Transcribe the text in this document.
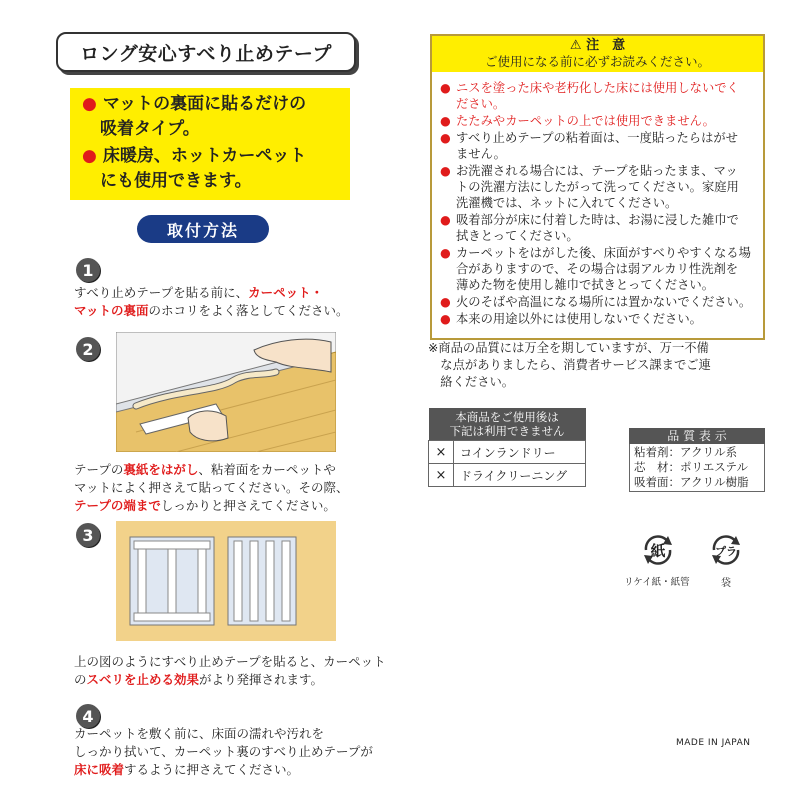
ロング安心すべり止めテープ
● マットの裏面に貼るだけの
吸着タイプ。
● 床暖房、ホットカーペット
にも使用できます。
取付方法
1
すべり止めテープを貼る前に、カーペット・
マットの裏面のホコリをよく落としてください。
2
テープの裏紙をはがし、粘着面をカーペットや
マットによく押さえて貼ってください。その際、
テープの端までしっかりと押さえてください。
3
上の図のようにすべり止めテープを貼ると、カーペット
のスベリを止める効果がより発揮されます。
4
カーペットを敷く前に、床面の濡れや汚れを
しっかり拭いて、カーペット裏のすべり止めテープが
床に吸着するように押さえてください。
⚠ 注　意
ご使用になる前に必ずお読みください。
● ニスを塗った床や老朽化した床には使用しないでく
ださい。
● たたみやカーペットの上では使用できません。
● すべり止めテープの粘着面は、一度貼ったらはがせ
ません。
● お洗濯される場合には、テープを貼ったまま、マッ
トの洗濯方法にしたがって洗ってください。家庭用
洗濯機では、ネットに入れてください。
● 吸着部分が床に付着した時は、お湯に浸した雑巾で
拭きとってください。
● カーペットをはがした後、床面がすべりやすくなる場
合がありますので、その場合は弱アルカリ性洗剤を
薄めた物を使用し雑巾で拭きとってください。
● 火のそばや高温になる場所には置かないでください。
● 本来の用途以外には使用しないでください。
※商品の品質には万全を期していますが、万一不備
　な点がありましたら、消費者サービス課までご連
　絡ください。
本商品をご使用後は
下記は利用できません	

×	コインランドリー
×	ドライクリーニング
品 質 表 示
粘着剤：アクリル系
芯　材：ポリエステル
吸着面：アクリル樹脂
紙
リケイ紙・紙管
プラ
袋
MADE IN JAPAN
